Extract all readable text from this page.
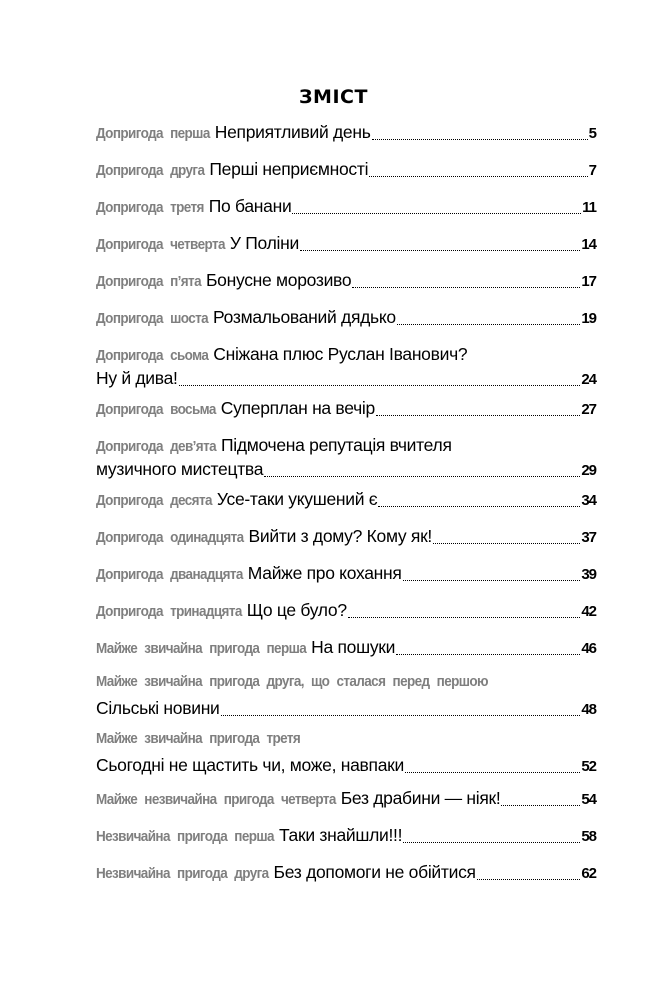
ЗМІСТ
Допригода перша Неприятливий день	5
Допригода друга Перші неприємності	7
Допригода третя По банани	11
Допригода четверта У Поліни	14
Допригода п’ята Бонусне морозиво	17
Допригода шоста Розмальований дядько	19
Допригода сьома Сніжана плюс Руслан Іванович?
Ну й дива!	24
Допригода восьма Суперплан на вечір	27
Допригода дев’ята Підмочена репутація вчителя
музичного мистецтва	29
Допригода десята Усе-таки укушений є	34
Допригода одинадцята Вийти з дому? Кому як!	37
Допригода дванадцята Майже про кохання	39
Допригода тринадцята Що це було?	42
Майже звичайна пригода перша На пошуки	46
Майже звичайна пригода друга, що сталася перед першою
Сільські новини	48
Майже звичайна пригода третя
Сьогодні не щастить чи, може, навпаки	52
Майже незвичайна пригода четверта Без драбини — ніяк!	54
Незвичайна пригода перша Таки знайшли!!!	58
Незвичайна пригода друга Без допомоги не обійтися	62
